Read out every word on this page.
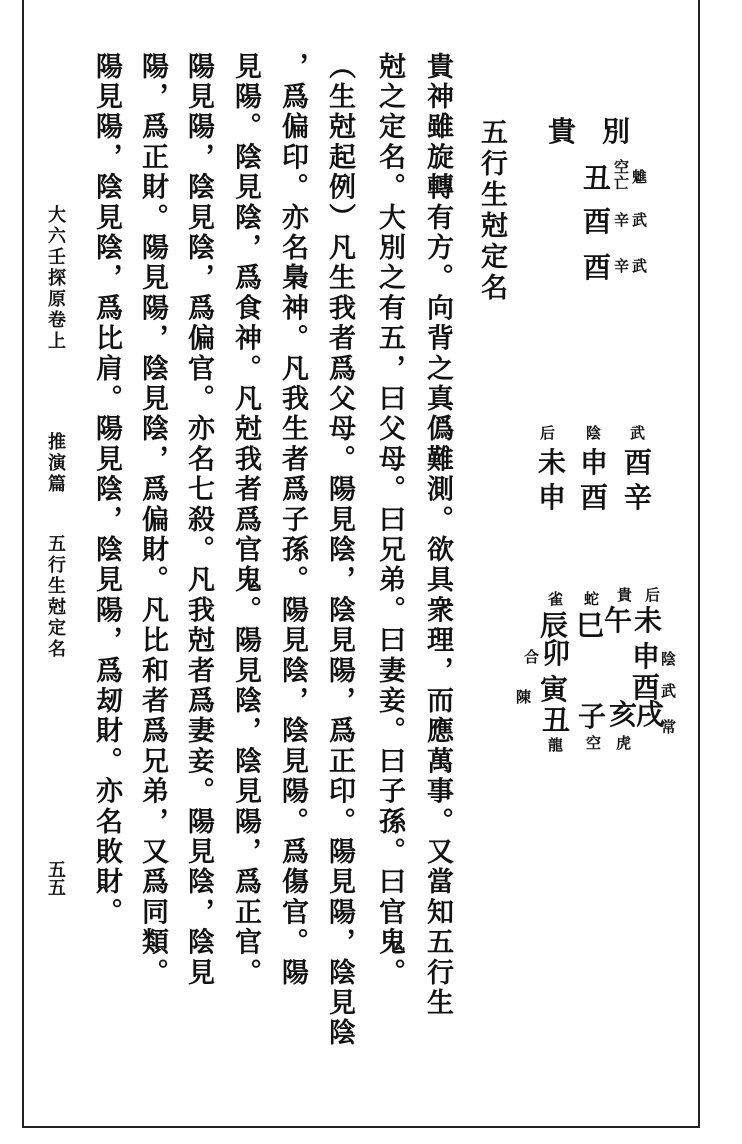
別
貴
丑 空
亡 魋
武
酉 辛
酉 辛 武
后 陰 武
未 申 酉
申 酉 辛
雀 蛇 貴 后
辰 巳 午 未
申 陰
合 卯
酉 武
陳 寅
丑 子 亥
戌
常
龍 空 虎
五行生尅定名
貴神雖旋轉有方。向背之真僞難測。欲具衆理，而應萬事。又當知五行生
尅之定名。大別之有五，曰父母。曰兄弟。曰妻妾。曰子孫。曰官鬼。
（生尅起例）凡生我者爲父母。陽見陰，陰見陽，爲正印。陽見陽，陰見陰
，爲偏印。亦名梟神。凡我生者爲子孫。陽見陰，陰見陽。爲傷官。陽
見陽。陰見陰，爲食神。凡尅我者爲官鬼。陽見陰，陰見陽，爲正官。
陽見陽，陰見陰，爲偏官。亦名七殺。凡我尅者爲妻妾。陽見陰，陰見
陽，爲正財。陽見陽，陰見陰，爲偏財。凡比和者爲兄弟，又爲同類。
陽見陽，陰見陰，爲比肩。陽見陰，陰見陽，爲刼財。亦名敗財。
大六壬探原卷上
推演篇
五行生尅定名
五五
